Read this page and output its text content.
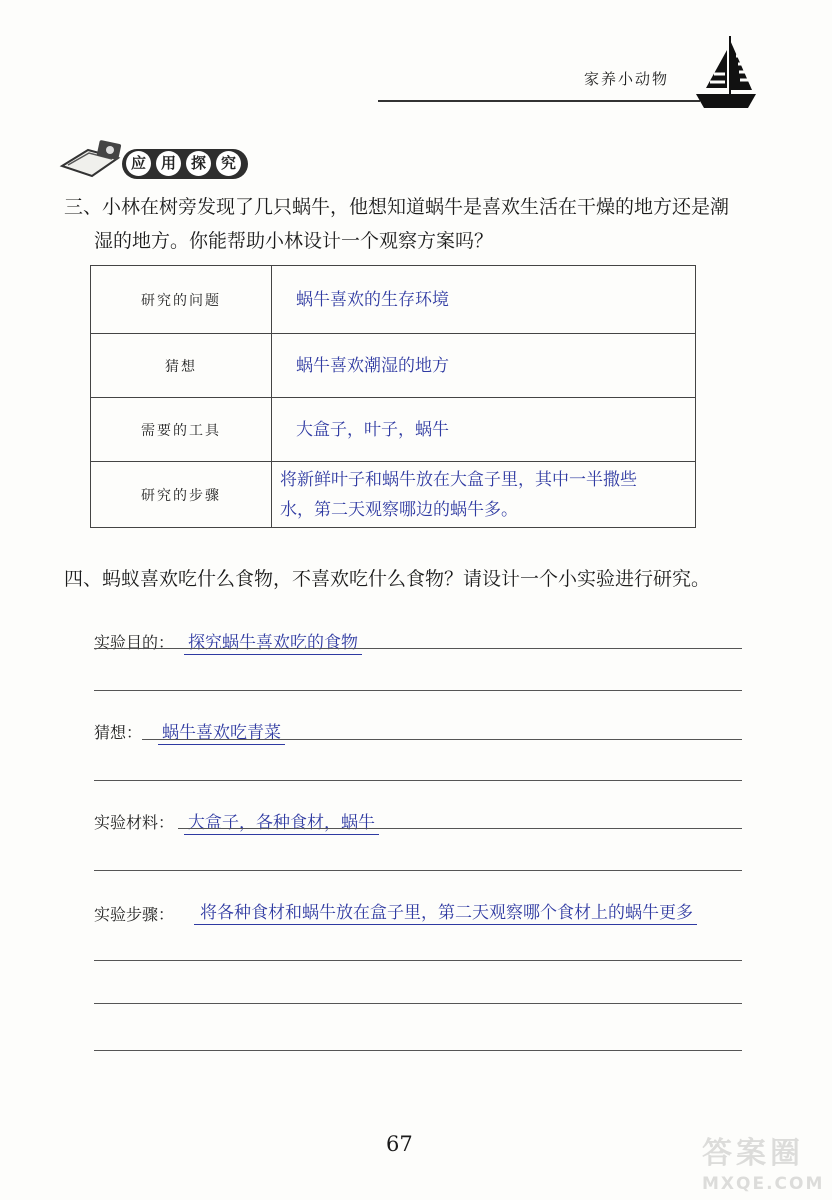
家养小动物
应 用 探 究
三、小林在树旁发现了几只蜗牛，他想知道蜗牛是喜欢生活在干燥的地方还是潮
湿的地方。你能帮助小林设计一个观察方案吗？
研究的问题	蜗牛喜欢的生存环境
猜想	蜗牛喜欢潮湿的地方
需要的工具	大盒子，叶子，蜗牛
研究的步骤	将新鲜叶子和蜗牛放在大盒子里，其中一半撒些
水，第二天观察哪边的蜗牛多。
四、蚂蚁喜欢吃什么食物，不喜欢吃什么食物？请设计一个小实验进行研究。
实验目的： 探究蜗牛喜欢吃的食物
猜想： 蜗牛喜欢吃青菜
实验材料： 大盒子，各种食材，蜗牛
实验步骤：	将各种食材和蜗牛放在盒子里，第二天观察哪个食材上的蜗牛更多
67	答案圈
MXQE.COM
